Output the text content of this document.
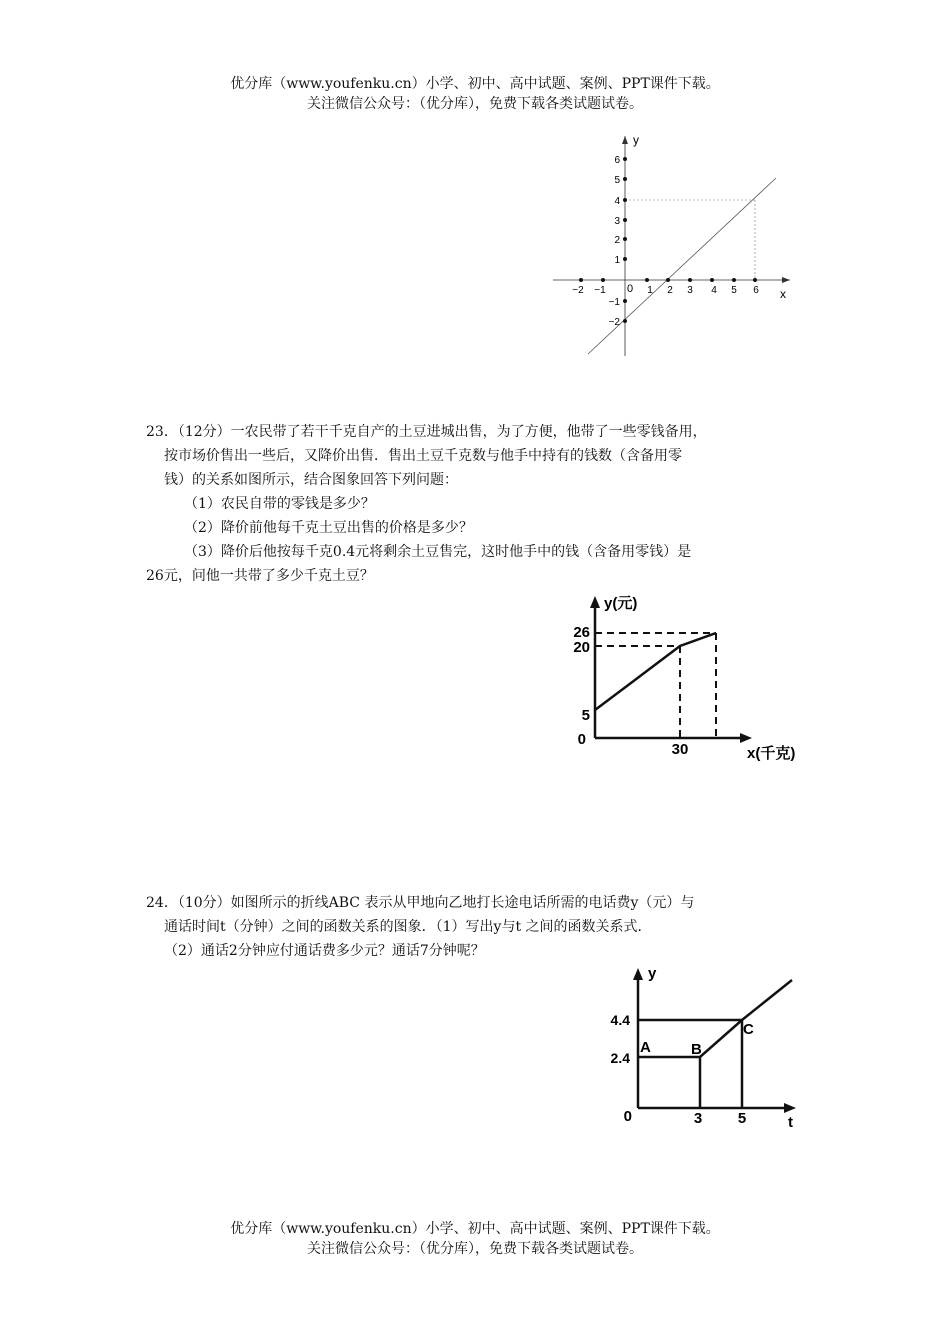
优分库（www.youfenku.cn）小学、初中、高中试题、案例、PPT课件下载。
关注微信公众号：（优分库），免费下载各类试题试卷。
y
x
0
−2 −1	1 2 3 4 5 6
6
5
4
3
2
1
−1
−2
23．（12分）一农民带了若干千克自产的土豆进城出售，为了方便，他带了一些零钱备用，
按市场价售出一些后，又降价出售．售出土豆千克数与他手中持有的钱数（含备用零
钱）的关系如图所示，结合图象回答下列问题：
（1）农民自带的零钱是多少？
（2）降价前他每千克土豆出售的价格是多少？
（3）降价后他按每千克0.4元将剩余土豆售完，这时他手中的钱（含备用零钱）是
26元，问他一共带了多少千克土豆？
y(元)
26
20
5
0
30	x(千克)
24．（10分）如图所示的折线ABC 表示从甲地向乙地打长途电话所需的电话费y（元）与
通话时间t（分钟）之间的函数关系的图象．（1）写出y与t 之间的函数关系式．
（2）通话2分钟应付通话费多少元？通话7分钟呢？
y
4.4
2.4
0	3 5	t
A	B
C
优分库（www.youfenku.cn）小学、初中、高中试题、案例、PPT课件下载。
关注微信公众号：（优分库），免费下载各类试题试卷。
